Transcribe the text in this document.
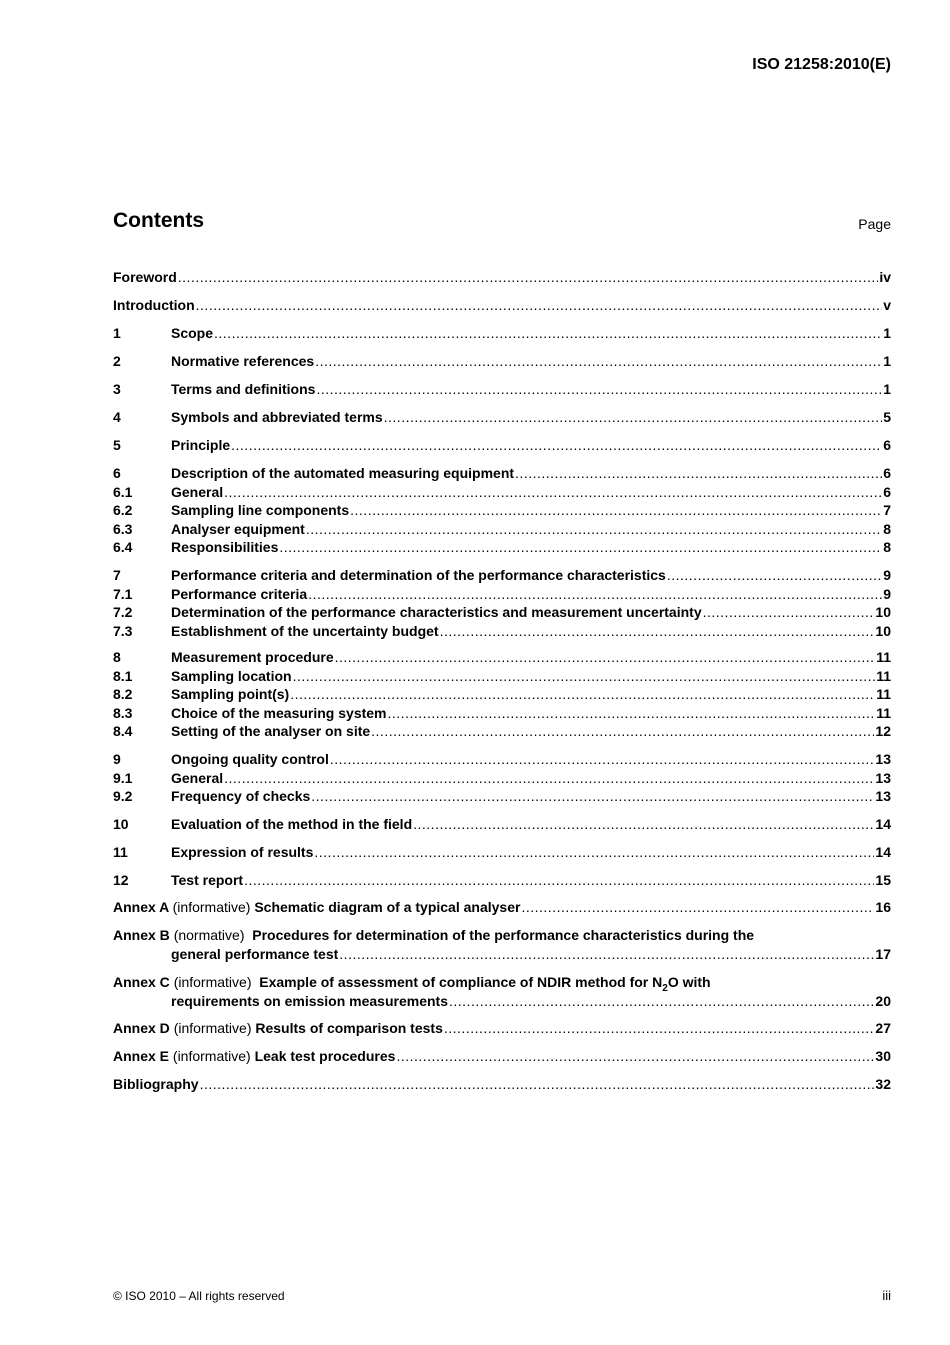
ISO 21258:2010(E)
Contents	Page
Foreword .....	iv
Introduction .....	v
1	Scope .....	1
2	Normative references .....	1
3	Terms and definitions .....	1
4	Symbols and abbreviated terms .....	5
5	Principle .....	6
6	Description of the automated measuring equipment .....	6
6.1	General .....	6
6.2	Sampling line components .....	7
6.3	Analyser equipment .....	8
6.4	Responsibilities .....	8
7	Performance criteria and determination of the performance characteristics .....	9
7.1	Performance criteria .....	9
7.2	Determination of the performance characteristics and measurement uncertainty .....	10
7.3	Establishment of the uncertainty budget .....	10
8	Measurement procedure .....	11
8.1	Sampling location .....	11
8.2	Sampling point(s) .....	11
8.3	Choice of the measuring system .....	11
8.4	Setting of the analyser on site .....	12
9	Ongoing quality control .....	13
9.1	General .....	13
9.2	Frequency of checks .....	13
10	Evaluation of the method in the field .....	14
11	Expression of results .....	14
12	Test report .....	15
Annex A (informative) Schematic diagram of a typical analyser .....	16
Annex B (normative) Procedures for determination of the performance characteristics during the
general performance test .....	17
Annex C (informative) Example of assessment of compliance of NDIR method for $N_2O$ with
requirements on emission measurements .....	20
Annex D (informative) Results of comparison tests .....	27
Annex E (informative) Leak test procedures .....	30
Bibliography .....	32
© ISO 2010 – All rights reserved	iii
